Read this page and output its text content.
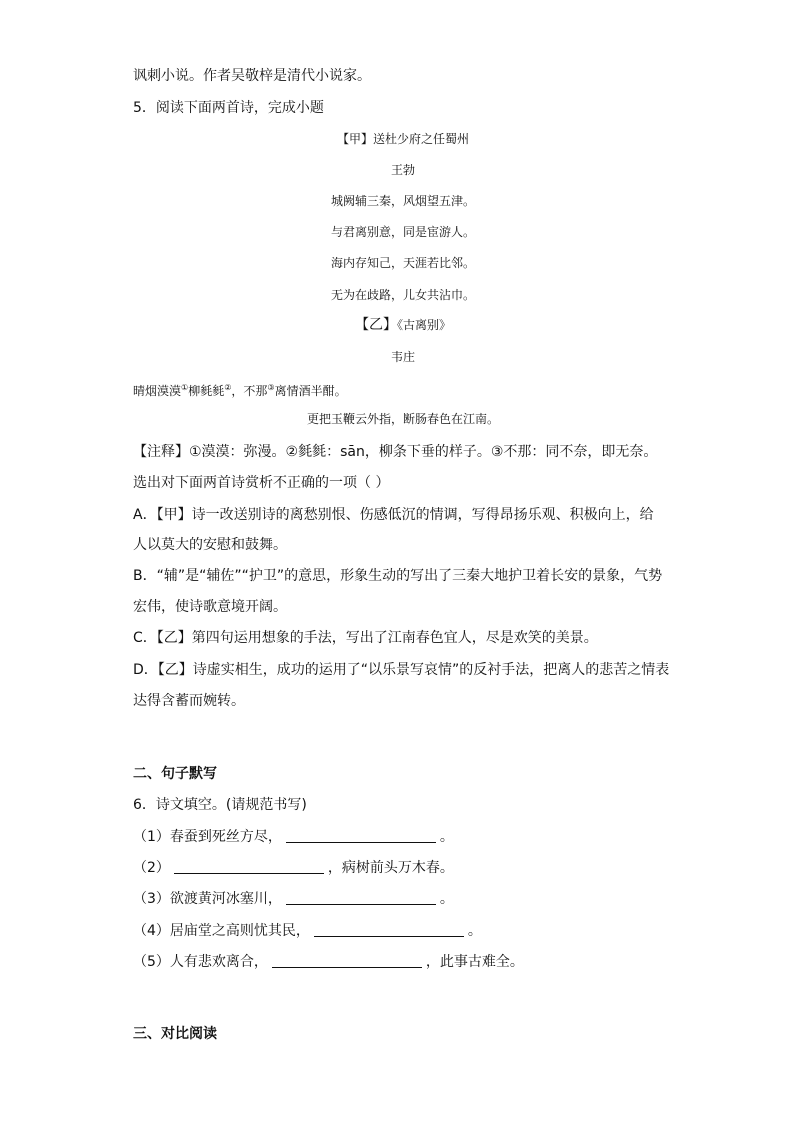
讽刺小说。作者吴敬梓是清代小说家。
5．阅读下面两首诗，完成小题
【甲】送杜少府之任蜀州
王勃
城阙辅三秦，风烟望五津。
与君离别意，同是宦游人。
海内存知己，天涯若比邻。
无为在歧路，儿女共沾巾。
【乙】《古离别》
韦庄
晴烟漠漠①柳毵毵②，不那③离情酒半酣。
更把玉鞭云外指，断肠春色在江南。
【注释】①漠漠：弥漫。②毵毵：sān，柳条下垂的样子。③不那：同不奈，即无奈。
选出对下面两首诗赏析不正确的一项（ ）
A．【甲】诗一改送别诗的离愁别恨、伤感低沉的情调，写得昂扬乐观、积极向上，给
人以莫大的安慰和鼓舞。
B．“辅”是“辅佐”“护卫”的意思，形象生动的写出了三秦大地护卫着长安的景象，气势
宏伟，使诗歌意境开阔。
C．【乙】第四句运用想象的手法，写出了江南春色宜人，尽是欢笑的美景。
D．【乙】诗虚实相生，成功的运用了“以乐景写哀情”的反衬手法，把离人的悲苦之情表
达得含蓄而婉转。
二、句子默写
6．诗文填空。(请规范书写)
（1）春蚕到死丝方尽，	。
（2）	，病树前头万木春。
（3）欲渡黄河冰塞川，	。
（4）居庙堂之高则忧其民，	。
（5）人有悲欢离合，	，此事古难全。
三、对比阅读
